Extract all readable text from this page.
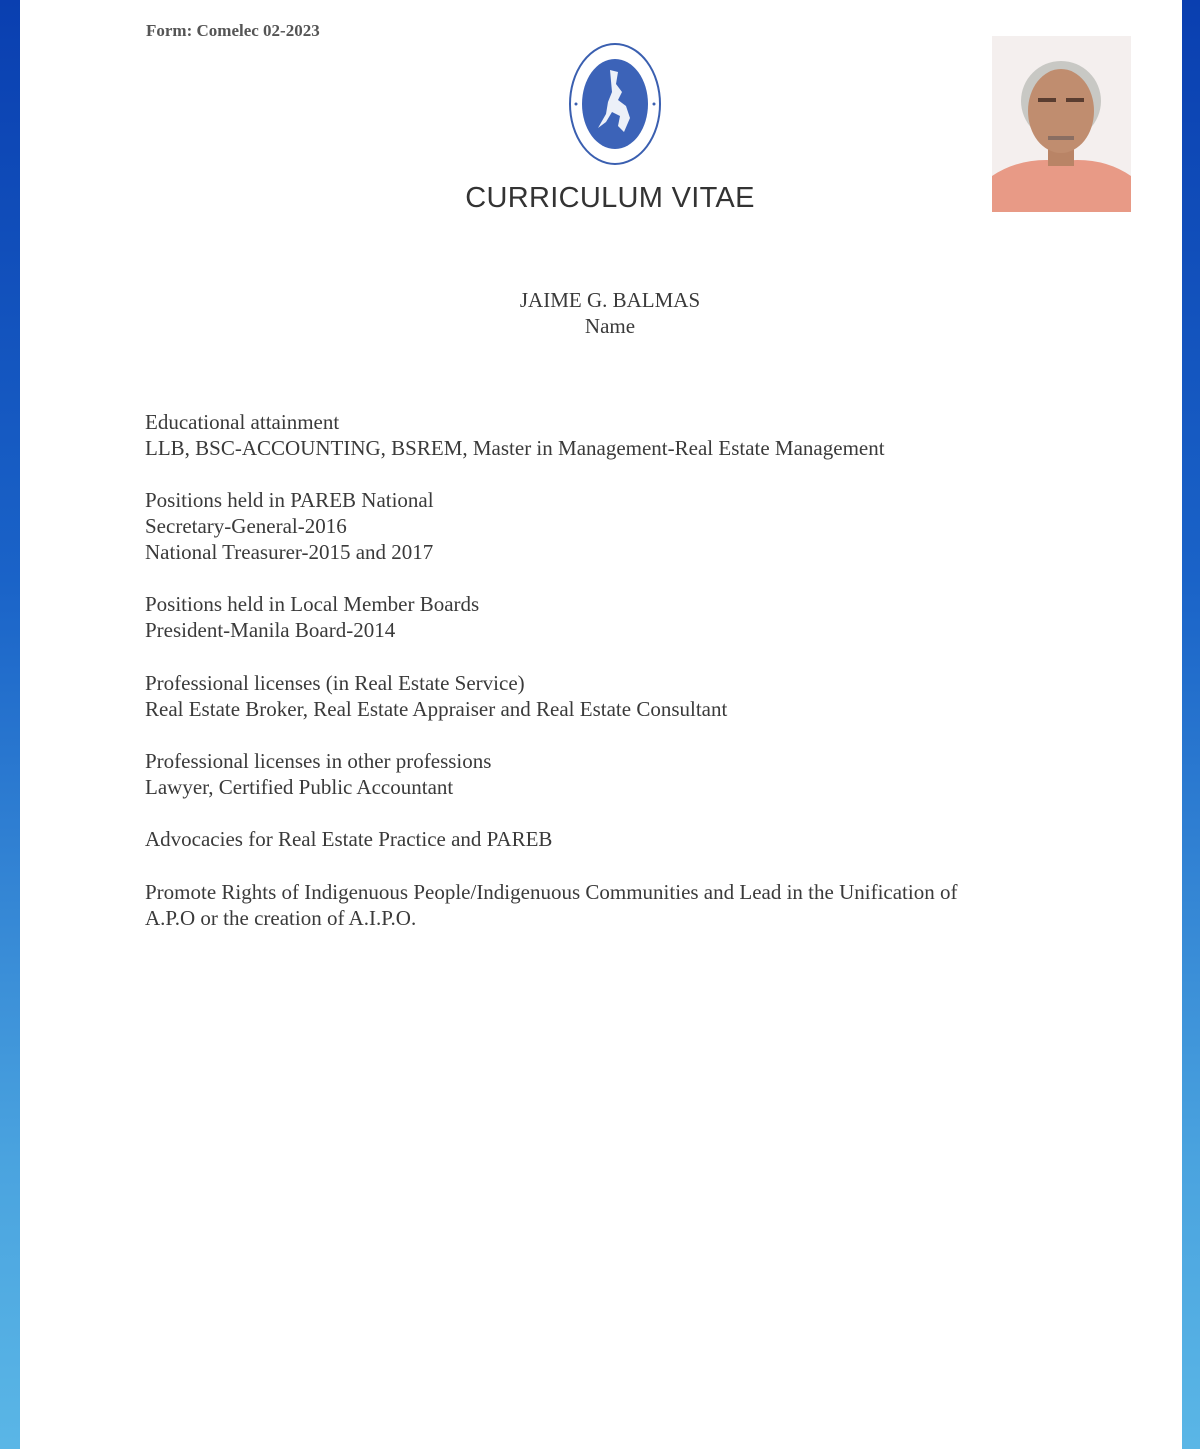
Form: Comelec 02-2023
CURRICULUM VITAE
JAIME G. BALMAS
Name
Educational attainment
LLB, BSC-ACCOUNTING, BSREM, Master in Management-Real Estate Management
Positions held in PAREB National
Secretary-General-2016
National Treasurer-2015 and 2017
Positions held in Local Member Boards
President-Manila Board-2014
Professional licenses (in Real Estate Service)
Real Estate Broker, Real Estate Appraiser and Real Estate Consultant
Professional licenses in other professions
Lawyer, Certified Public Accountant
Advocacies for Real Estate Practice and PAREB
Promote Rights of Indigenuous People/Indigenuous Communities and Lead in the Unification of
A.P.O or the creation of A.I.P.O.
